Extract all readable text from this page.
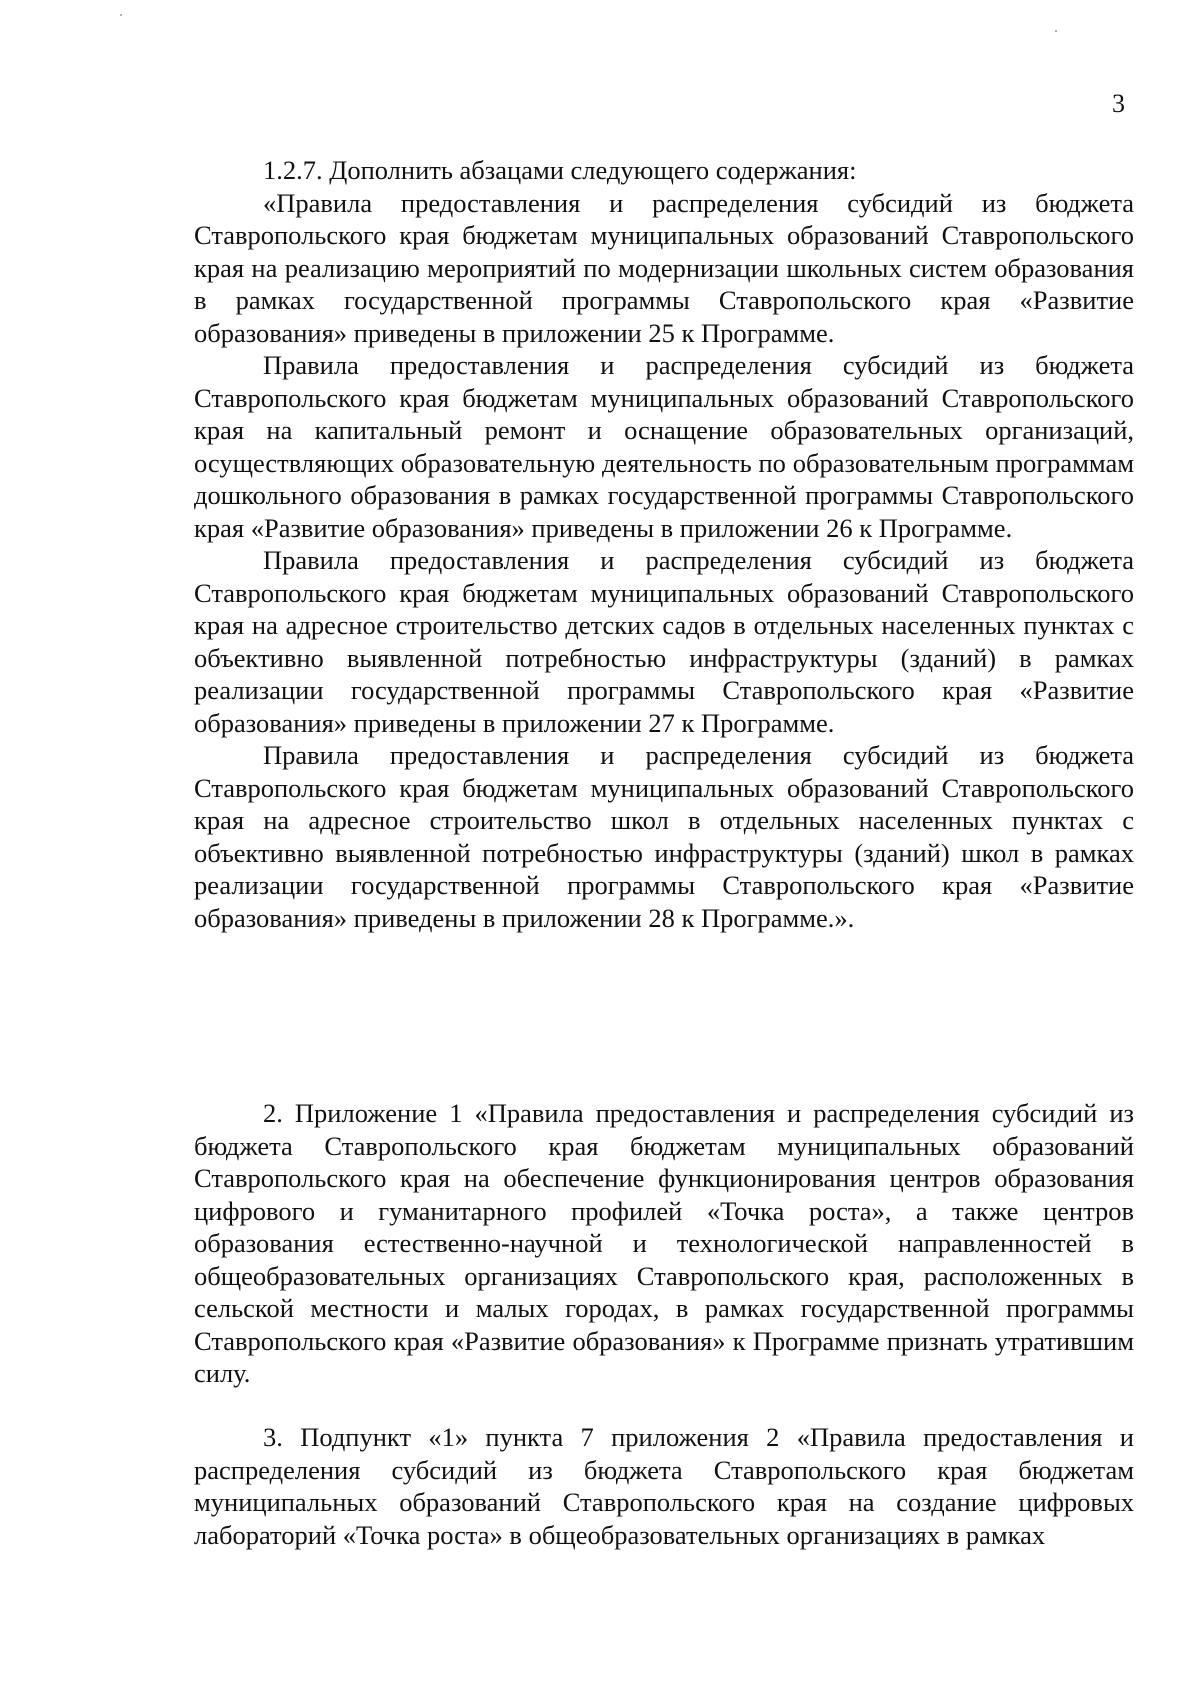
3

1.2.7. Дополнить абзацами следующего содержания:

«Правила предоставления и распределения субсидий из бюджета Ставропольского края бюджетам муниципальных образований Ставропольского края на реализацию мероприятий по модернизации школьных систем образования в рамках государственной программы Ставропольского края «Развитие образования» приведены в приложении 25 к Программе.

Правила предоставления и распределения субсидий из бюджета Ставропольского края бюджетам муниципальных образований Ставропольского края на капитальный ремонт и оснащение образовательных организаций, осуществляющих образовательную деятельность по образовательным программам дошкольного образования в рамках государственной программы Ставропольского края «Развитие образования» приведены в приложении 26 к Программе.

Правила предоставления и распределения субсидий из бюджета Ставропольского края бюджетам муниципальных образований Ставропольского края на адресное строительство детских садов в отдельных населенных пунктах с объективно выявленной потребностью инфраструктуры (зданий) в рамках реализации государственной программы Ставропольского края «Развитие образования» приведены в приложении 27 к Программе.

Правила предоставления и распределения субсидий из бюджета Ставропольского края бюджетам муниципальных образований Ставропольского края на адресное строительство школ в отдельных населенных пунктах с объективно выявленной потребностью инфраструктуры (зданий) школ в рамках реализации государственной программы Ставропольского края «Развитие образования» приведены в приложении 28 к Программе.».

2. Приложение 1 «Правила предоставления и распределения субсидий из бюджета Ставропольского края бюджетам муниципальных образований Ставропольского края на обеспечение функционирования центров образования цифрового и гуманитарного профилей «Точка роста», а также центров образования естественно-научной и технологической направленностей в общеобразовательных организациях Ставропольского края, расположенных в сельской местности и малых городах, в рамках государственной программы Ставропольского края «Развитие образования» к Программе признать утратившим силу.

3. Подпункт «1» пункта 7 приложения 2 «Правила предоставления и распределения субсидий из бюджета Ставропольского края бюджетам муниципальных образований Ставропольского края на создание цифровых лабораторий «Точка роста» в общеобразовательных организациях в рамках
